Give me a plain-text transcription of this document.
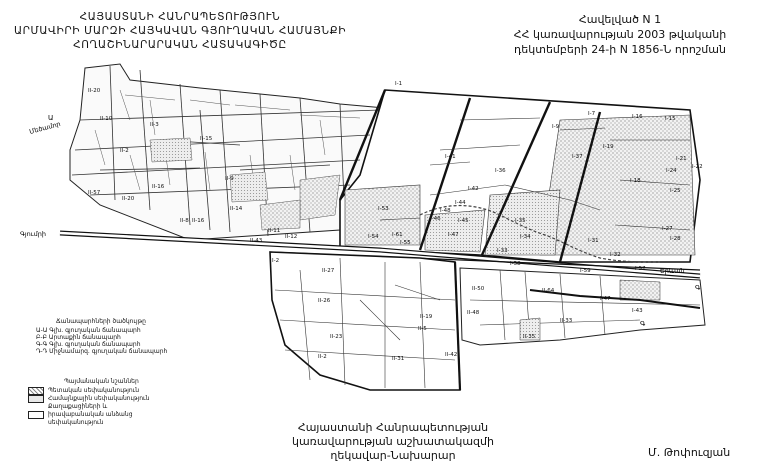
ՀԱՅԱՍՏԱՆԻ ՀԱՆՐԱՊԵՏՈՒԹՅՈՒՆ
ԱՐՄԱՎԻՐԻ ՄԱՐԶԻ ՀԱՅԿԱՎԱՆ ԳՅՈՒՂԱԿԱՆ ՀԱՄԱՅՆՔԻ
ՀՈՂԱՇԻՆԱՐԱՐԱԿԱՆ ՀԱՏԱԿԱԳԻԾԸ
Հավելված N 1
ՀՀ կառավարության 2003 թվականի
դեկտեմբերի 24-ի N 1856-Ն որոշման
Գյումրի
Երևան
Ա
Մեծամոր
Գ
Գ
II-20
II-10
II-2
II-3
II-15
II-16
II-57
II-20
II-8 II-16
II-14
II-9
II-12
II-11
II-43
I-1
I-41
I-36
I-42
I-44
I-45
I-46
I-47
I-48
I-35
I-34
I-33
I-53
I-54
I-55
I-61
I-58
I-59
I-37
I-9
I-7	I-16	I-15
I-19
I-18
I-21
I-22
I-24
I-25
I-27
I-28
I-31
I-32
I-57
I-2
II-27
II-26
II-23
II-19
II-42
II-50
II-48
II-5
I-47
I-43
II-64
II-33
II-35
II-2	II-31
Ճանապարհների ծածկույթը
Ա-Ա Գլխ. գյուղական ճանապարհ
Բ-Բ Արտաքին ճանապարհ
Գ-Գ Գլխ. գյուղական ճանապարհ
Դ-Դ Միջնամարզ. գյուղական ճանապարհ
Պայմանական նշաններ
Պետական սեփականություն
Համայնքային սեփականություն
Քաղաքացիների և իրավաբանական անձանց սեփականություն	Հայաստանի Հանրապետության
կառավարության աշխատակազմի
ղեկավար-Նախարար	Մ. Թոփուզյան
